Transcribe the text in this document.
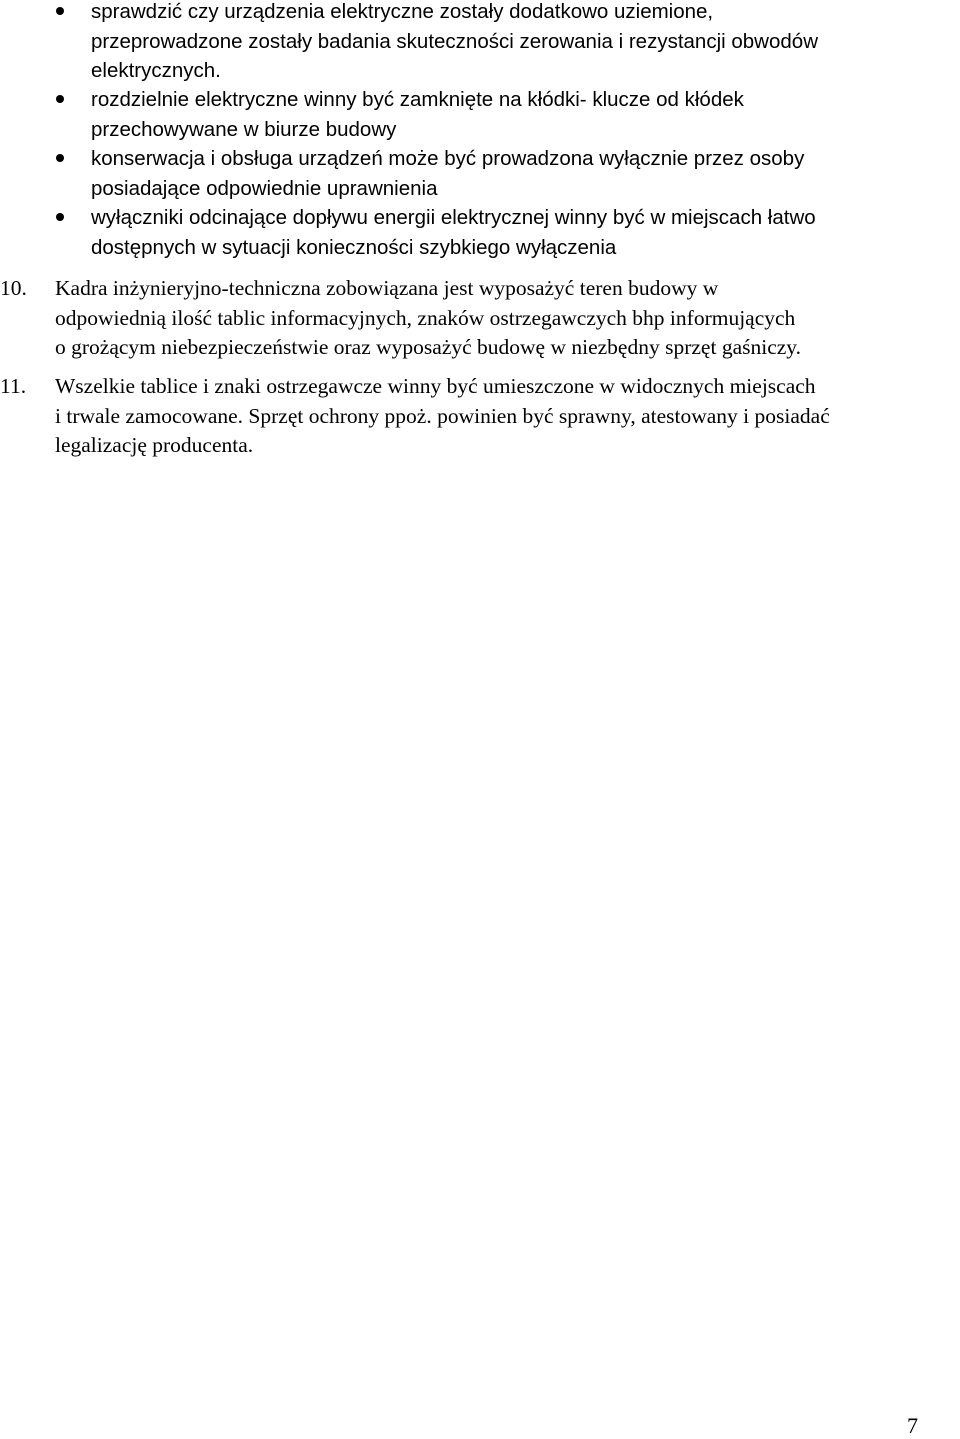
sprawdzić czy urządzenia elektryczne zostały dodatkowo uziemione,
przeprowadzone zostały badania skuteczności zerowania i rezystancji obwodów
elektrycznych.
rozdzielnie elektryczne winny być zamknięte na kłódki- klucze od kłódek
przechowywane w biurze budowy
konserwacja i obsługa urządzeń może być prowadzona wyłącznie przez osoby
posiadające odpowiednie uprawnienia
wyłączniki odcinające dopływu energii elektrycznej winny być w miejscach łatwo
dostępnych w sytuacji konieczności szybkiego wyłączenia
10. Kadra inżynieryjno-techniczna zobowiązana jest wyposażyć teren budowy w
odpowiednią ilość tablic informacyjnych, znaków ostrzegawczych bhp informujących
o grożącym niebezpieczeństwie oraz wyposażyć budowę w niezbędny sprzęt gaśniczy.
11. Wszelkie tablice i znaki ostrzegawcze winny być umieszczone w widocznych miejscach
i trwale zamocowane. Sprzęt ochrony ppoż. powinien być sprawny, atestowany i posiadać
legalizację producenta.
7
